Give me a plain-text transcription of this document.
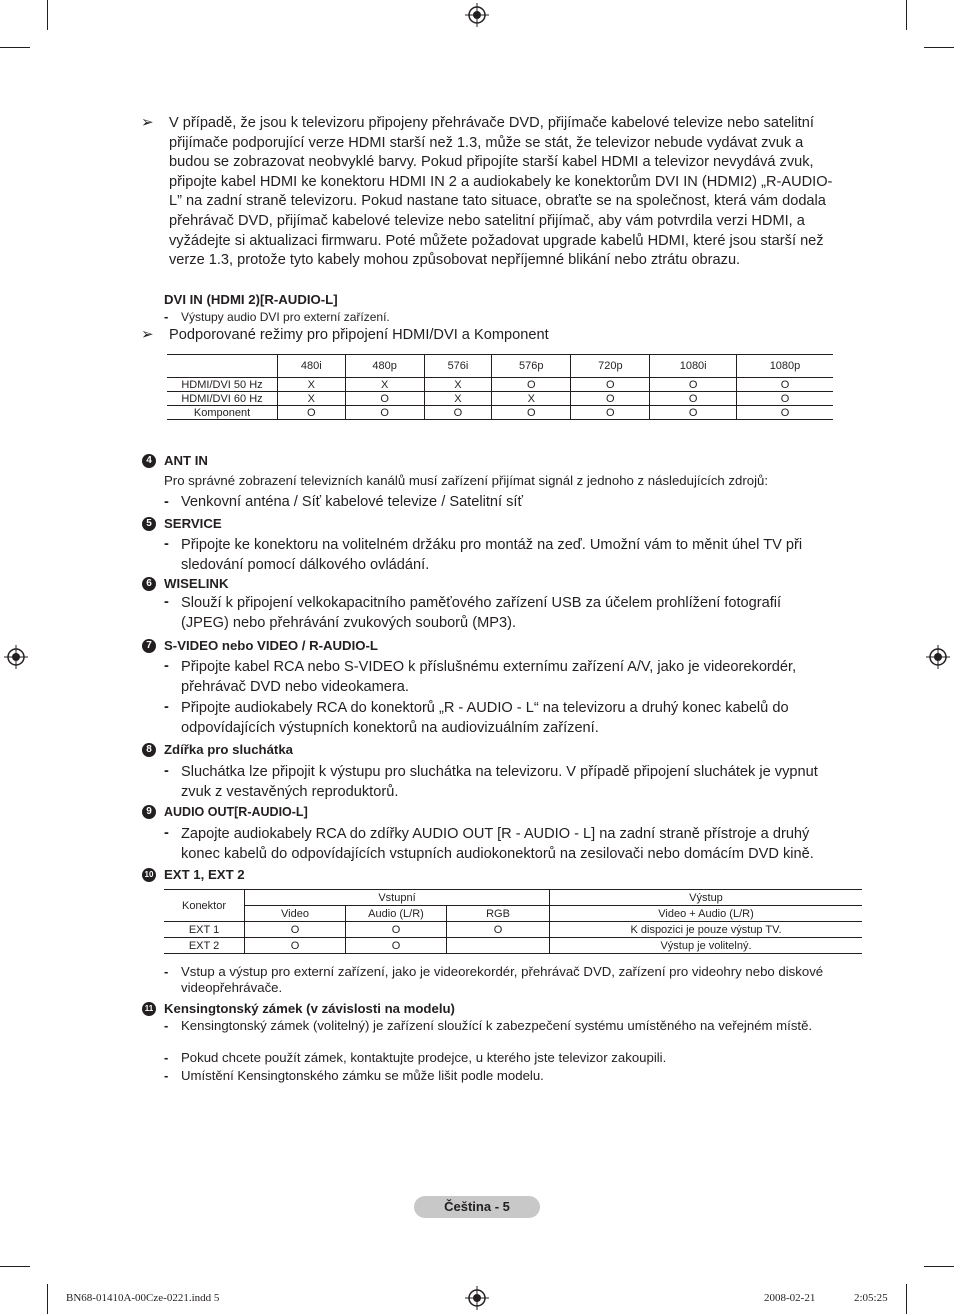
➢ V případě, že jsou k televizoru připojeny přehrávače DVD, přijímače kabelové televize nebo satelitní přijímače podporující verze HDMI starší než 1.3, může se stát, že televizor nebude vydávat zvuk a budou se zobrazovat neobvyklé barvy. Pokud připojíte starší kabel HDMI a televizor nevydává zvuk, připojte kabel HDMI ke konektoru HDMI IN 2 a audiokabely ke konektorům DVI IN (HDMI2) „R-AUDIO-L” na zadní straně televizoru. Pokud nastane tato situace, obraťte se na společnost, která vám dodala přehrávač DVD, přijímač kabelové televize nebo satelitní přijímač, aby vám potvrdila verzi HDMI, a vyžádejte si aktualizaci firmwaru. Poté můžete požadovat upgrade kabelů HDMI, které jsou starší než verze 1.3, protože tyto kabely mohou způsobovat nepříjemné blikání nebo ztrátu obrazu.

DVI IN (HDMI 2)[R-AUDIO-L]

- Výstupy audio DVI pro externí zařízení.

➢ Podporované režimy pro připojení HDMI/DVI a Komponent

	480i	480p	576i	576p	720p	1080i	1080p
HDMI/DVI 50 Hz	X	X	X	O	O	O	O
HDMI/DVI 60 Hz	X	O	X	X	O	O	O
Komponent	O	O	O	O	O	O	O
4 ANT IN

Pro správné zobrazení televizních kanálů musí zařízení přijímat signál z jednoho z následujících zdrojů:

- Venkovní anténa / Síť kabelové televize / Satelitní síť

5 SERVICE

- Připojte ke konektoru na volitelném držáku pro montáž na zeď. Umožní vám to měnit úhel TV při sledování pomocí dálkového ovládání.

6 WISELINK

- Slouží k připojení velkokapacitního paměťového zařízení USB za účelem prohlížení fotografií (JPEG) nebo přehrávání zvukových souborů (MP3).

7 S-VIDEO nebo VIDEO / R-AUDIO-L

- Připojte kabel RCA nebo S-VIDEO k příslušnému externímu zařízení A/V, jako je videorekordér, přehrávač DVD nebo videokamera.

- Připojte audiokabely RCA do konektorů „R - AUDIO - L“ na televizoru a druhý konec kabelů do odpovídajících výstupních konektorů na audiovizuálním zařízení.

8 Zdířka pro sluchátka

- Sluchátka lze připojit k výstupu pro sluchátka na televizoru. V případě připojení sluchátek je vypnut zvuk z vestavěných reproduktorů.

9 AUDIO OUT[R-AUDIO-L]

- Zapojte audiokabely RCA do zdířky AUDIO OUT [R - AUDIO - L] na zadní straně přístroje a druhý konec kabelů do odpovídajících vstupních audiokonektorů na zesilovači nebo domácím DVD kině.

10 EXT 1, EXT 2

Konektor	Vstupní			Výstup
	Video	Audio (L/R)	RGB	Video + Audio (L/R)
EXT 1	O	O	O	K dispozici je pouze výstup TV.
EXT 2	O	O		Výstup je volitelný.
- Vstup a výstup pro externí zařízení, jako je videorekordér, přehrávač DVD, zařízení pro videohry nebo diskové videopřehrávače.

11 Kensingtonský zámek (v závislosti na modelu)

- Kensingtonský zámek (volitelný) je zařízení sloužící k zabezpečení systému umístěného na veřejném místě.

- Pokud chcete použít zámek, kontaktujte prodejce, u kterého jste televizor zakoupili.

- Umístění Kensingtonského zámku se může lišit podle modelu.

Čeština - 5
BN68-01410A-00Cze-0221.indd 5	2008-02-21	2:05:25
